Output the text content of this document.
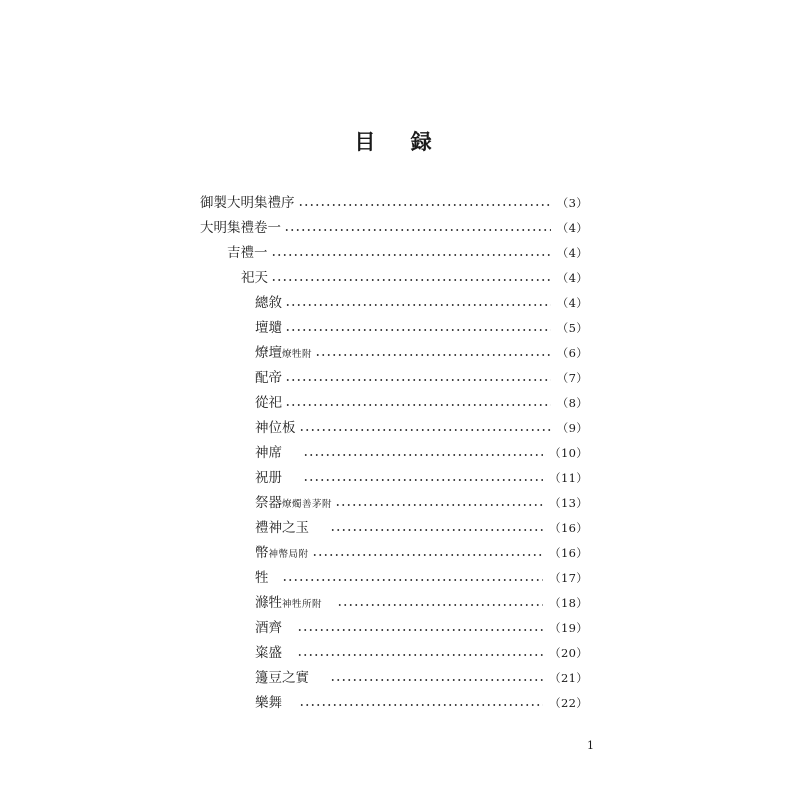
目 録
御製大明集禮序	（3）
大明集禮卷一	（4）
吉禮一	（4）
祀天	（4）
總敘	（4）
壇壝	（5）
燎壇燎牲附	（6）
配帝	（7）
從祀	（8）
神位板	（9）
神席	（10）
祝册	（11）
祭器燎燭善茅附	（13）
禮神之玉	（16）
幣神幣局附	（16）
牲	（17）
滌牲神牲所附	（18）
酒齊	（19）
粢盛	（20）
籩豆之實	（21）
樂舞	（22）
1
